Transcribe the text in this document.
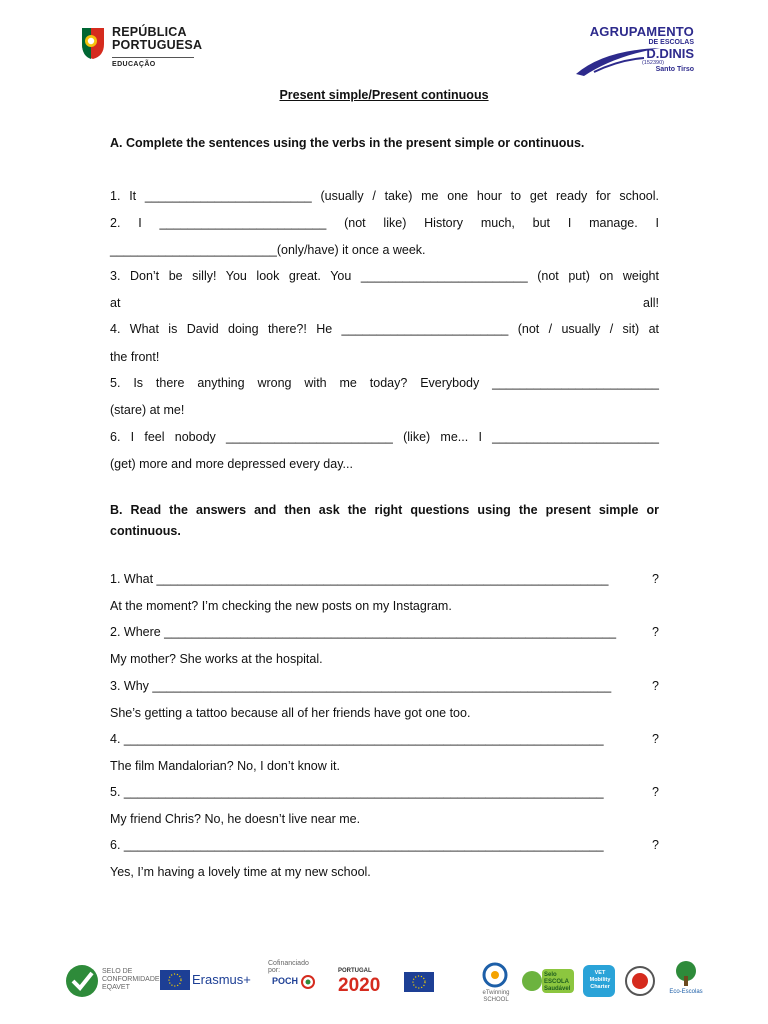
REPÚBLICA
PORTUGUESA
EDUCAÇÃO
AGRUPAMENTO
DE ESCOLAS
D.DINIS
(152390)
Santo Tirso
Present simple/Present continuous
A. Complete the sentences using the verbs in the present simple or continuous.
1. It ________________________ (usually / take) me one hour to get ready for school.
2. I ________________________ (not like) History much, but I manage. I
________________________(only/have) it once a week.
3. Don’t be silly! You look great. You ________________________ (not put) on weight
at all!
4. What is David doing there?! He ________________________ (not / usually / sit) at
the front!
5. Is there anything wrong with me today? Everybody ________________________
(stare) at me!
6. I feel nobody ________________________ (like) me... I ________________________
(get) more and more depressed every day...
B. Read the answers and then ask the right questions using the present simple or continuous.
1. What _________________________________________________________________	?
At the moment? I’m checking the new posts on my Instagram.
2. Where _________________________________________________________________	?
My mother? She works at the hospital.
3. Why __________________________________________________________________	?
She’s getting a tattoo because all of her friends have got one too.
4. _____________________________________________________________________	?
The film Mandalorian? No, I don’t know it.
5. _____________________________________________________________________	?
My friend Chris? No, he doesn’t live near me.
6. _____________________________________________________________________	?
Yes, I’m having a lovely time at my new school.
SELO DE CONFORMIDADE EQAVET
Erasmus+
Cofinanciado por:
POCH
PORTUGAL
2020	eTwinning SCHOOL
Selo ESCOLA Saudável
VET Mobility Charter
Eco-Escolas
